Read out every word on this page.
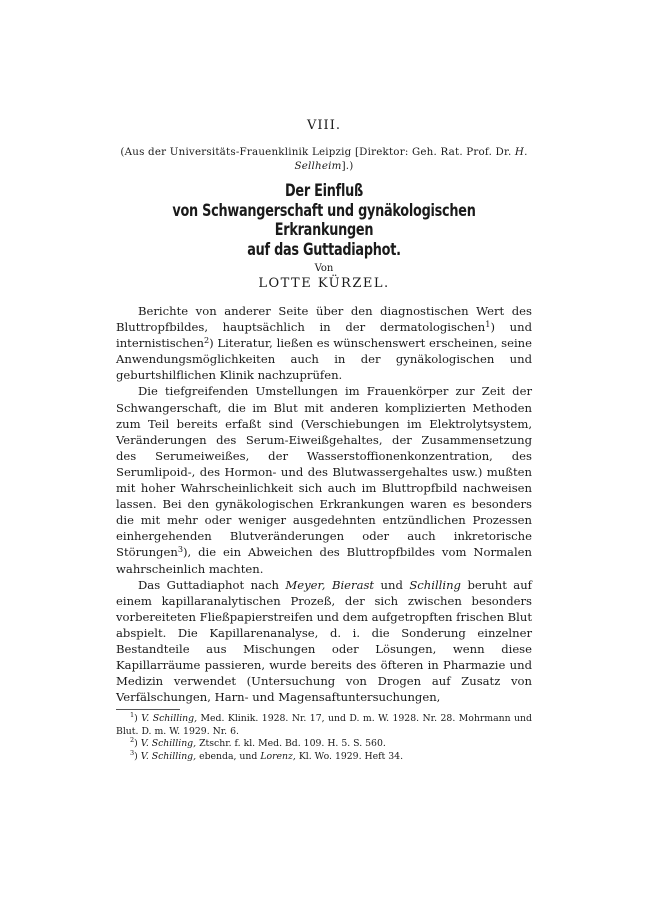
VIII.

(Aus der Universitäts-Frauenklinik Leipzig [Direktor: Geh. Rat. Prof. Dr. H. Sellheim].)

Der Einfluß
von Schwangerschaft und gynäkologischen Erkrankungen
auf das Guttadiaphot.
Von
LOTTE KÜRZEL.

Berichte von anderer Seite über den diagnostischen Wert des Bluttropfbildes, hauptsächlich in der dermatologischen$^1$) und internistischen$^2$) Literatur, ließen es wünschenswert erscheinen, seine Anwendungsmöglichkeiten auch in der gynäkologischen und geburtshilflichen Klinik nachzuprüfen.

Die tiefgreifenden Umstellungen im Frauenkörper zur Zeit der Schwangerschaft, die im Blut mit anderen komplizierten Methoden zum Teil bereits erfaßt sind (Verschiebungen im Elektrolytsystem, Veränderungen des Serum-Eiweißgehaltes, der Zusammensetzung des Serumeiweißes, der Wasserstoffionenkonzentration, des Serumlipoid-, des Hormon- und des Blutwassergehaltes usw.) mußten mit hoher Wahrscheinlichkeit sich auch im Bluttropfbild nachweisen lassen. Bei den gynäkologischen Erkrankungen waren es besonders die mit mehr oder weniger ausgedehnten entzündlichen Prozessen einhergehenden Blutveränderungen oder auch inkretorische Störungen$^3$), die ein Abweichen des Bluttropfbildes vom Normalen wahrscheinlich machten.

Das Guttadiaphot nach Meyer, Bierast und Schilling beruht auf einem kapillaranalytischen Prozeß, der sich zwischen besonders vorbereiteten Fließpapierstreifen und dem aufgetropften frischen Blut abspielt. Die Kapillarenanalyse, d. i. die Sonderung einzelner Bestandteile aus Mischungen oder Lösungen, wenn diese Kapillarräume passieren, wurde bereits des öfteren in Pharmazie und Medizin verwendet (Untersuchung von Drogen auf Zusatz von Verfälschungen, Harn- und Magensaftuntersuchungen,

$^1$) V. Schilling, Med. Klinik. 1928. Nr. 17, und D. m. W. 1928. Nr. 28. Mohrmann und Blut. D. m. W. 1929. Nr. 6.

$^2$) V. Schilling, Ztschr. f. kl. Med. Bd. 109. H. 5. S. 560.

$^3$) V. Schilling, ebenda, und Lorenz, Kl. Wo. 1929. Heft 34.
